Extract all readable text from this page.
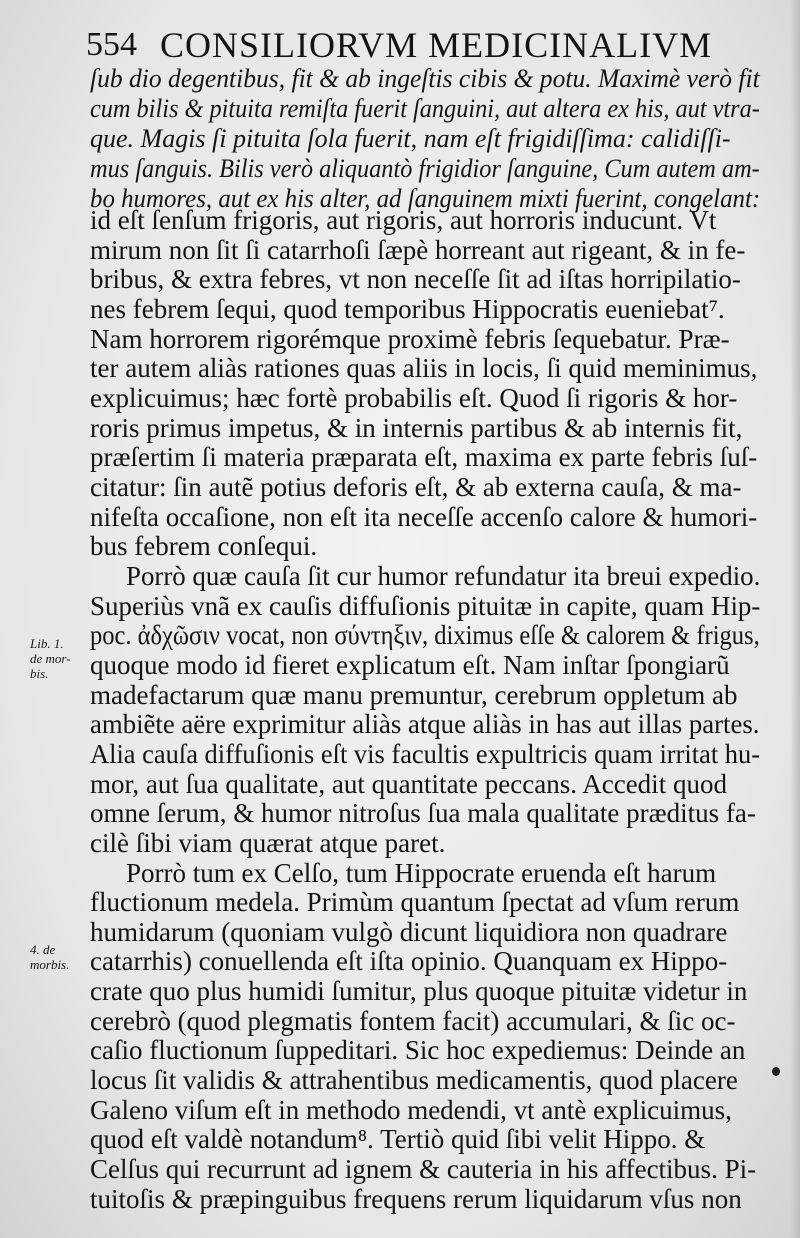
554 CONSILIORVM MEDICINALIVM
ſub dio degentibus, fit & ab ingeſtis cibis & potu. Maximè verò fit
cum bilis & pituita remiſta fuerit ſanguini, aut altera ex his, aut vtra-
que. Magis ſi pituita ſola fuerit, nam eſt frigidiſſima: calidiſſi-
mus ſanguis. Bilis verò aliquantò frigidior ſanguine, Cum autem am-
bo humores, aut ex his alter, ad ſanguinem mixti fuerint, congelant:
id eſt ſenſum frigoris, aut rigoris, aut horroris inducunt. Vt
mirum non ſit ſi catarrhoſi ſæpè horreant aut rigeant, & in fe-
bribus, & extra febres, vt non neceſſe ſit ad iſtas horripilatio-
nes febrem ſequi, quod temporibus Hippocratis eueniebat⁷.
Nam horrorem rigorémque proximè febris ſequebatur. Præ-
ter autem aliàs rationes quas aliis in locis, ſi quid meminimus,
explicuimus; hæc fortè probabilis eſt. Quod ſi rigoris & hor-
roris primus impetus, & in internis partibus & ab internis fit,
præſertim ſi materia præparata eſt, maxima ex parte febris ſuſ-
citatur: ſin autẽ potius deforis eſt, & ab externa cauſa, & ma-
nifeſta occaſione, non eſt ita neceſſe accenſo calore & humori-
bus febrem conſequi.
Porrò quæ cauſa ſit cur humor refundatur ita breui expedio.
Superiùs vnã ex cauſis diffuſionis pituitæ in capite, quam Hip-
poc. ἀδχῶσιν vocat, non σύντηξιν, diximus eſſe & calorem & frigus,
quoque modo id fieret explicatum eſt. Nam inſtar ſpongiarũ
madefactarum quæ manu premuntur, cerebrum oppletum ab
ambiẽte aëre exprimitur aliàs atque aliàs in has aut illas partes.
Alia cauſa diffuſionis eſt vis facultis expultricis quam irritat hu-
mor, aut ſua qualitate, aut quantitate peccans. Accedit quod
omne ſerum, & humor nitroſus ſua mala qualitate præditus fa-
cilè ſibi viam quærat atque paret.
Porrò tum ex Celſo, tum Hippocrate eruenda eſt harum
fluctionum medela. Primùm quantum ſpectat ad vſum rerum
humidarum (quoniam vulgò dicunt liquidiora non quadrare
catarrhis) conuellenda eſt iſta opinio. Quanquam ex Hippo-
crate quo plus humidi ſumitur, plus quoque pituitæ videtur in
cerebrò (quod plegmatis fontem facit) accumulari, & ſic oc-
caſio fluctionum ſuppeditari. Sic hoc expediemus: Deinde an
locus ſit validis & attrahentibus medicamentis, quod placere
Galeno viſum eſt in methodo medendi, vt antè explicuimus,
quod eſt valdè notandum⁸. Tertiò quid ſibi velit Hippo. &
Celſus qui recurrunt ad ignem & cauteria in his affectibus. Pi-
tuitoſis & præpinguibus frequens rerum liquidarum vſus non
Lib. 1.
de mor-
bis.
4. de
morbis.
